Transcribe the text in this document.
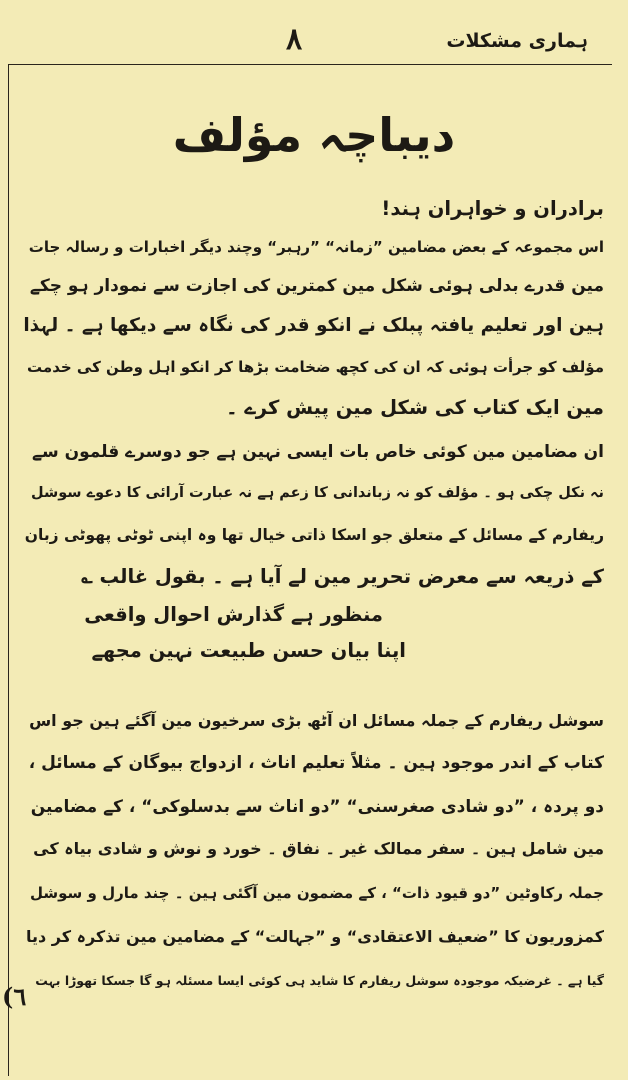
ہماری مشکلات
۸
دیباچہ مؤلف
برادران و خواہران ہند!
اس مجموعہ کے بعض مضامین ”زمانہ“ ”رہبر“ وچند دیگر اخبارات و رسالہ جات
مین قدرے بدلی ہوئی شکل مین کمترین کی اجازت سے نمودار ہو چکے
ہین اور تعلیم یافتہ پبلک نے انکو قدر کی نگاہ سے دیکھا ہے ۔ لہذا
مؤلف کو جرأت ہوئی کہ ان کی کچھ ضخامت بڑھا کر انکو اہل وطن کی خدمت
مین ایک کتاب کی شکل مین پیش کرے ۔
ان مضامین مین کوئی خاص بات ایسی نہین ہے جو دوسرے قلمون سے
نہ نکل چکی ہو ۔ مؤلف کو نہ زباندانی کا زعم ہے نہ عبارت آرائی کا دعوے سوشل
ریفارم کے مسائل کے متعلق جو اسکا ذاتی خیال تھا وہ اپنی ٹوٹی پھوٹی زبان
کے ذریعہ سے معرض تحریر مین لے آیا ہے ۔ بقول غالب ؎
منظور ہے گذارش احوال واقعی
اپنا بیان حسن طبیعت نہین مجھے
سوشل ریفارم کے جملہ مسائل ان آٹھ بڑی سرخیون مین آگئے ہین جو اس
کتاب کے اندر موجود ہین ۔ مثلاً تعلیم اناث ، ازدواج بیوگان کے مسائل ،
دو پردہ ، ”دو شادی صغرسنی“ ”دو اناث سے بدسلوکی“ ، کے مضامین
مین شامل ہین ۔ سفر ممالک غیر ۔ نفاق ۔ خورد و نوش و شادی بیاہ کی
جملہ رکاوٹین ”دو قیود ذات“ ، کے مضمون مین آگئی ہین ۔ چند مارل و سوشل
کمزوریون کا ”ضعیف الاعتقادی“ و ”جہالت“ کے مضامین مین تذکرہ کر دیا
گیا ہے ۔ غرضیکہ موجودہ سوشل ریفارم کا شاید ہی کوئی ایسا مسئلہ ہو گا جسکا تھوڑا بہت
(٦
